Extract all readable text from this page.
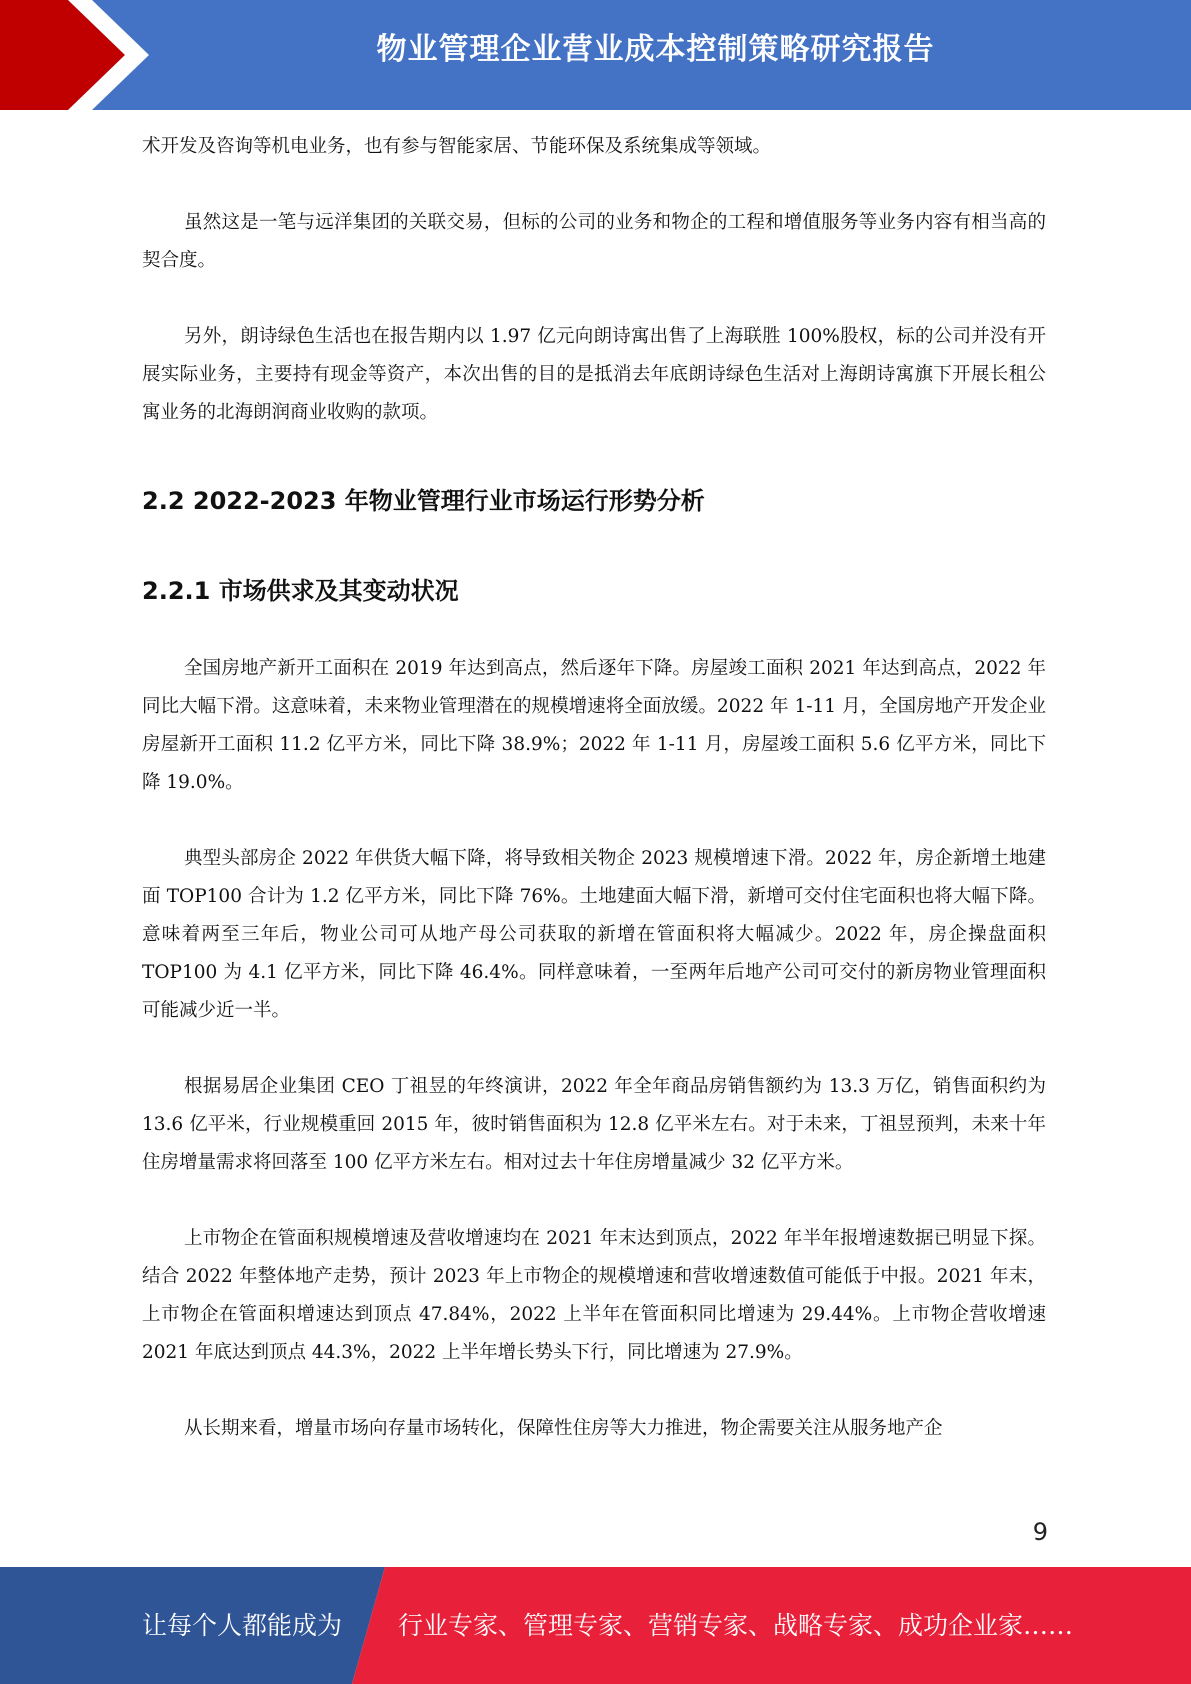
物业管理企业营业成本控制策略研究报告

术开发及咨询等机电业务，也有参与智能家居、节能环保及系统集成等领域。

虽然这是一笔与远洋集团的关联交易，但标的公司的业务和物企的工程和增值服务等业务内容有相当高的契合度。

另外，朗诗绿色生活也在报告期内以 1.97 亿元向朗诗寓出售了上海联胜 100%股权，标的公司并没有开展实际业务，主要持有现金等资产，本次出售的目的是抵消去年底朗诗绿色生活对上海朗诗寓旗下开展长租公寓业务的北海朗润商业收购的款项。

2.2 2022-2023 年物业管理行业市场运行形势分析
2.2.1 市场供求及其变动状况

全国房地产新开工面积在 2019 年达到高点，然后逐年下降。房屋竣工面积 2021 年达到高点，2022 年同比大幅下滑。这意味着，未来物业管理潜在的规模增速将全面放缓。2022 年 1-11 月，全国房地产开发企业房屋新开工面积 11.2 亿平方米，同比下降 38.9%；2022 年 1-11 月，房屋竣工面积 5.6 亿平方米，同比下降 19.0%。

典型头部房企 2022 年供货大幅下降，将导致相关物企 2023 规模增速下滑。2022 年，房企新增土地建面 TOP100 合计为 1.2 亿平方米，同比下降 76%。土地建面大幅下滑，新增可交付住宅面积也将大幅下降。意味着两至三年后，物业公司可从地产母公司获取的新增在管面积将大幅减少。2022 年，房企操盘面积 TOP100 为 4.1 亿平方米，同比下降 46.4%。同样意味着，一至两年后地产公司可交付的新房物业管理面积可能减少近一半。

根据易居企业集团 CEO 丁祖昱的年终演讲，2022 年全年商品房销售额约为 13.3 万亿，销售面积约为 13.6 亿平米，行业规模重回 2015 年，彼时销售面积为 12.8 亿平米左右。对于未来，丁祖昱预判，未来十年住房增量需求将回落至 100 亿平方米左右。相对过去十年住房增量减少 32 亿平方米。

上市物企在管面积规模增速及营收增速均在 2021 年末达到顶点，2022 年半年报增速数据已明显下探。结合 2022 年整体地产走势，预计 2023 年上市物企的规模增速和营收增速数值可能低于中报。2021 年末，上市物企在管面积增速达到顶点 47.84%，2022 上半年在管面积同比增速为 29.44%。上市物企营收增速 2021 年底达到顶点 44.3%，2022 上半年增长势头下行，同比增速为 27.9%。

从长期来看，增量市场向存量市场转化，保障性住房等大力推进，物企需要关注从服务地产企

9
让每个人都能成为 行业专家、管理专家、营销专家、战略专家、成功企业家……
